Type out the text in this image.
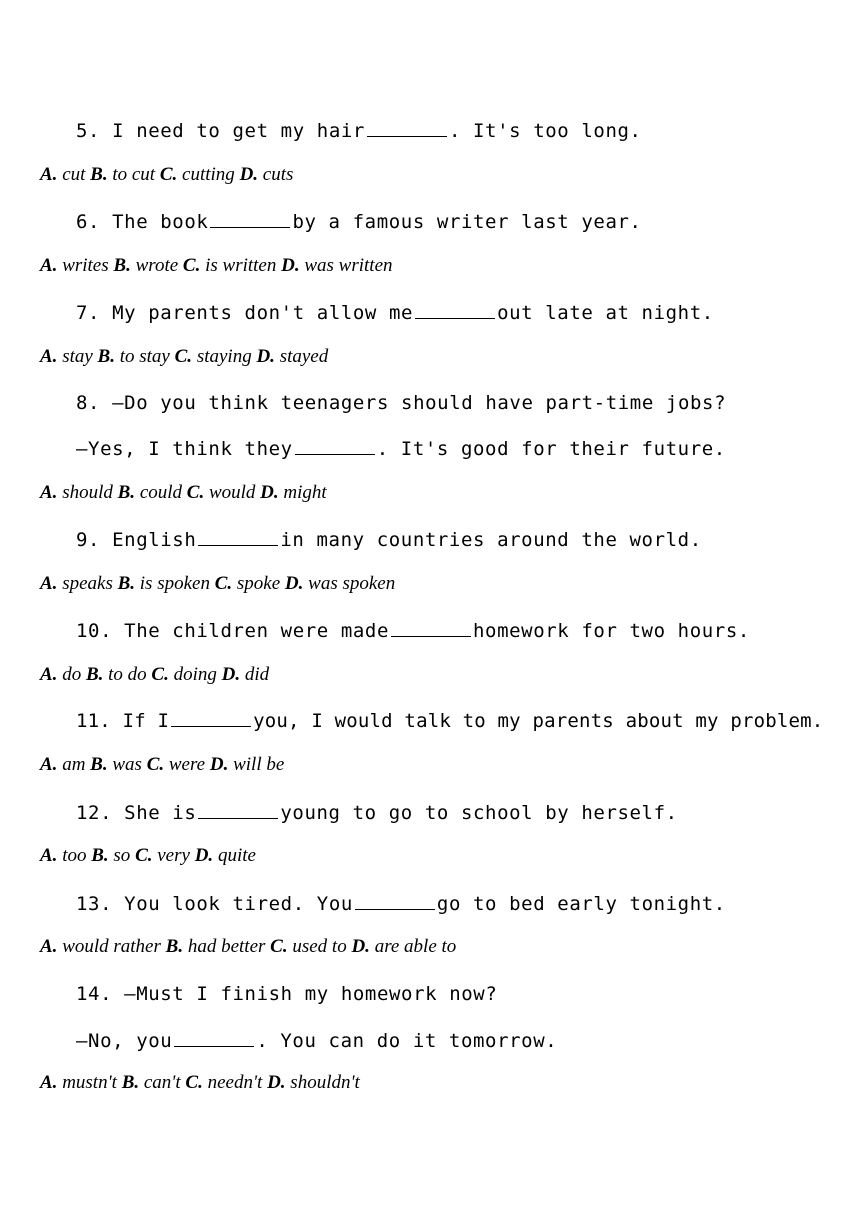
5. I need to get my hair	. It's too long.
A. cut B. to cut C. cutting D. cuts
6. The book	by a famous writer last year.
A. writes B. wrote C. is written D. was written
7. My parents don't allow me	out late at night.
A. stay B. to stay C. staying D. stayed
8. —Do you think teenagers should have part-time jobs?
—Yes, I think they	. It's good for their future.
A. should B. could C. would D. might
9. English	in many countries around the world.
A. speaks B. is spoken C. spoke D. was spoken
10. The children were made	homework for two hours.
A. do B. to do C. doing D. did
11. If I	you, I would talk to my parents about my problem.
A. am B. was C. were D. will be
12. She is	young to go to school by herself.
A. too B. so C. very D. quite
13. You look tired. You	go to bed early tonight.
A. would rather B. had better C. used to D. are able to
14. —Must I finish my homework now?
—No, you	. You can do it tomorrow.
A. mustn't B. can't C. needn't D. shouldn't
